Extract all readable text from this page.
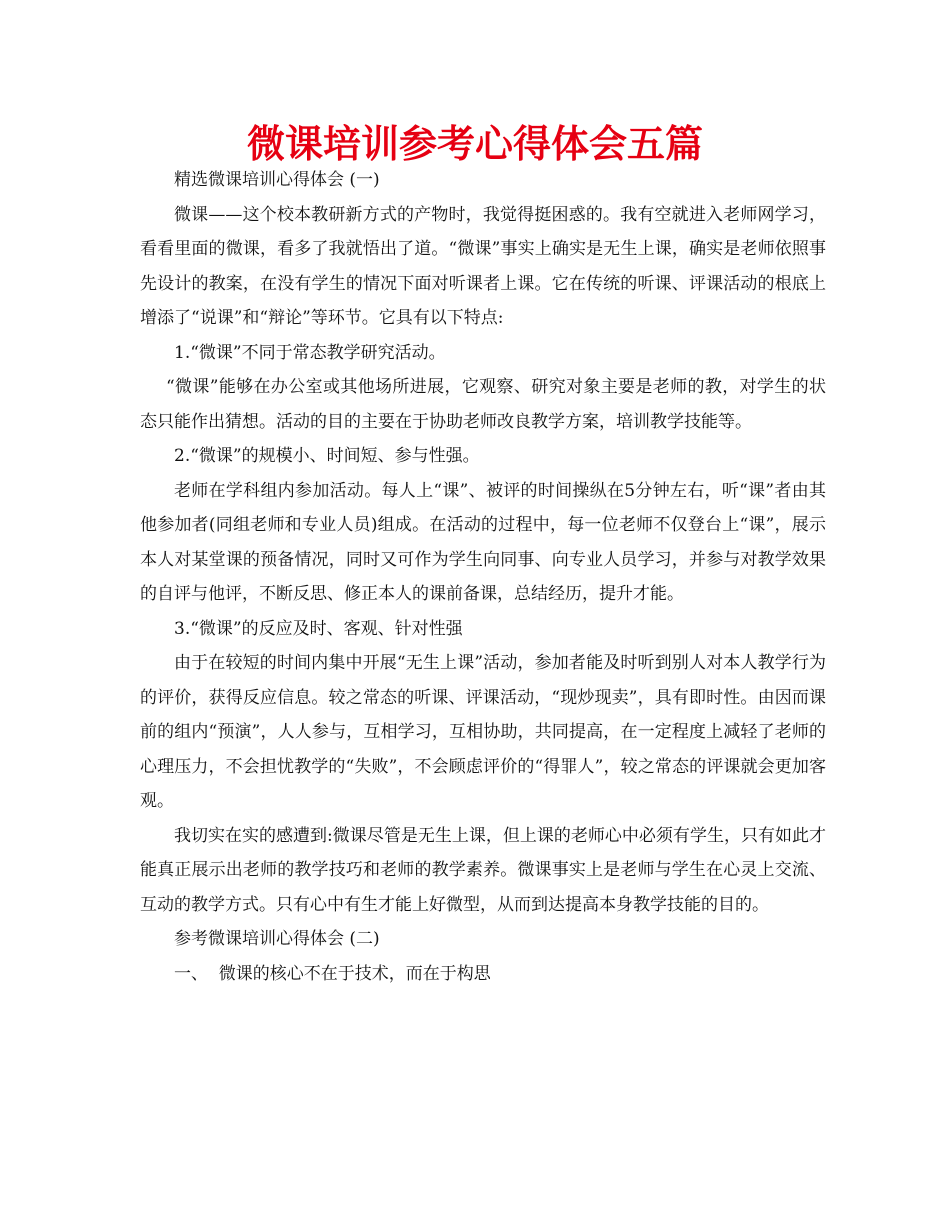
微课培训参考心得体会五篇

精选微课培训心得体会 (一)

微课——这个校本教研新方式的产物时，我觉得挺困惑的。我有空就进入老师网学习，看看里面的微课，看多了我就悟出了道。“微课”事实上确实是无生上课，确实是老师依照事先设计的教案，在没有学生的情况下面对听课者上课。它在传统的听课、评课活动的根底上增添了“说课”和“辩论”等环节。它具有以下特点:

1.“微课”不同于常态教学研究活动。

“微课”能够在办公室或其他场所进展，它观察、研究对象主要是老师的教，对学生的状态只能作出猜想。活动的目的主要在于协助老师改良教学方案，培训教学技能等。

2.“微课”的规模小、时间短、参与性强。

老师在学科组内参加活动。每人上“课”、被评的时间操纵在5分钟左右，听“课”者由其他参加者(同组老师和专业人员)组成。在活动的过程中，每一位老师不仅登台上“课”，展示本人对某堂课的预备情况，同时又可作为学生向同事、向专业人员学习，并参与对教学效果的自评与他评，不断反思、修正本人的课前备课，总结经历，提升才能。

3.“微课”的反应及时、客观、针对性强

由于在较短的时间内集中开展“无生上课”活动，参加者能及时听到别人对本人教学行为的评价，获得反应信息。较之常态的听课、评课活动，“现炒现卖”，具有即时性。由因而课前的组内“预演”，人人参与，互相学习，互相协助，共同提高，在一定程度上减轻了老师的心理压力，不会担忧教学的“失败”，不会顾虑评价的“得罪人”，较之常态的评课就会更加客观。

我切实在实的感遭到:微课尽管是无生上课，但上课的老师心中必须有学生，只有如此才能真正展示出老师的教学技巧和老师的教学素养。微课事实上是老师与学生在心灵上交流、互动的教学方式。只有心中有生才能上好微型，从而到达提高本身教学技能的目的。

参考微课培训心得体会 (二)

一、  微课的核心不在于技术，而在于构思
